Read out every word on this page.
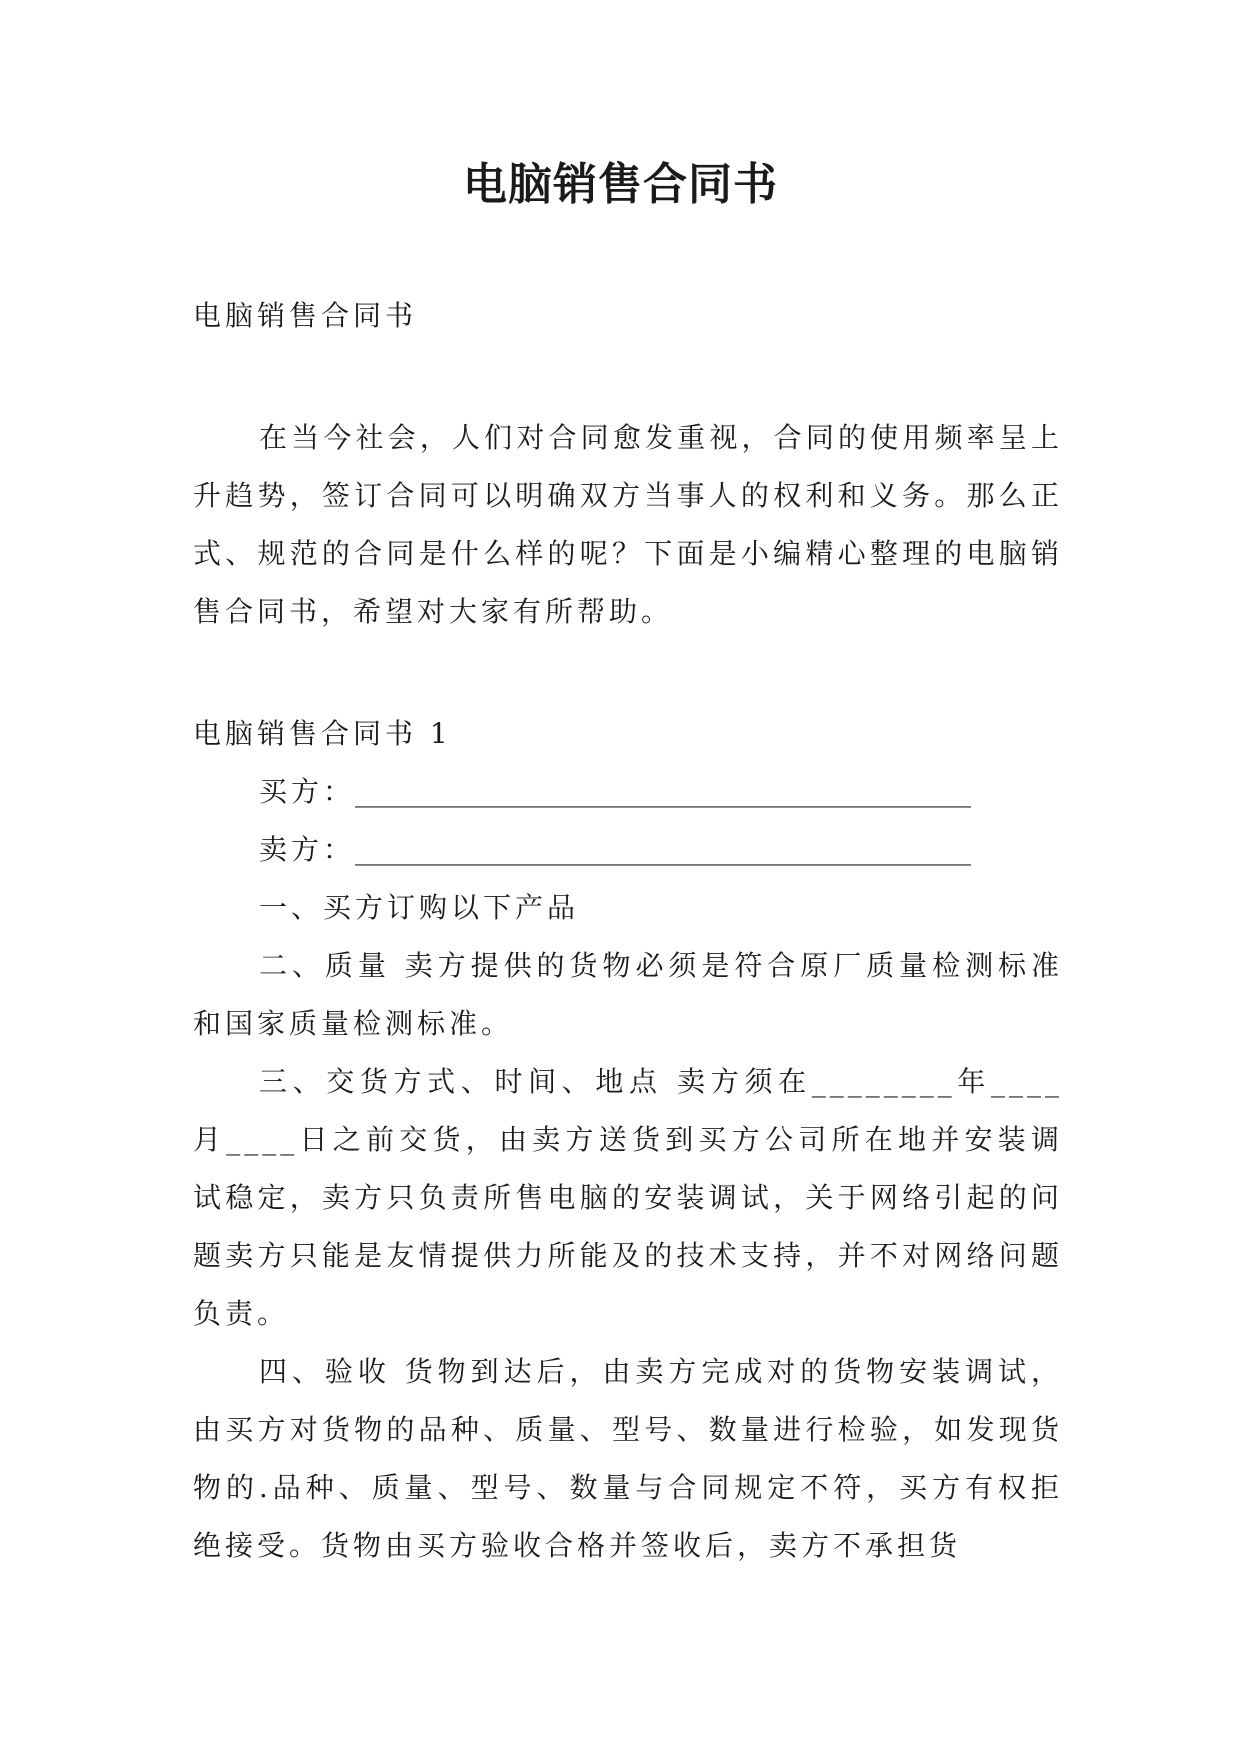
电脑销售合同书

电脑销售合同书

在当今社会，人们对合同愈发重视，合同的使用频率呈上升趋势，签订合同可以明确双方当事人的权利和义务。那么正式、规范的合同是什么样的呢？下面是小编精心整理的电脑销售合同书，希望对大家有所帮助。

电脑销售合同书 1

买方：____________________________________________

卖方：____________________________________________

一、买方订购以下产品

二、质量 卖方提供的货物必须是符合原厂质量检测标准和国家质量检测标准。

三、交货方式、时间、地点 卖方须在________年____月____日之前交货，由卖方送货到买方公司所在地并安装调试稳定，卖方只负责所售电脑的安装调试，关于网络引起的问题卖方只能是友情提供力所能及的技术支持，并不对网络问题负责。

四、验收 货物到达后，由卖方完成对的货物安装调试，由买方对货物的品种、质量、型号、数量进行检验，如发现货物的.品种、质量、型号、数量与合同规定不符，买方有权拒绝接受。货物由买方验收合格并签收后，卖方不承担货
